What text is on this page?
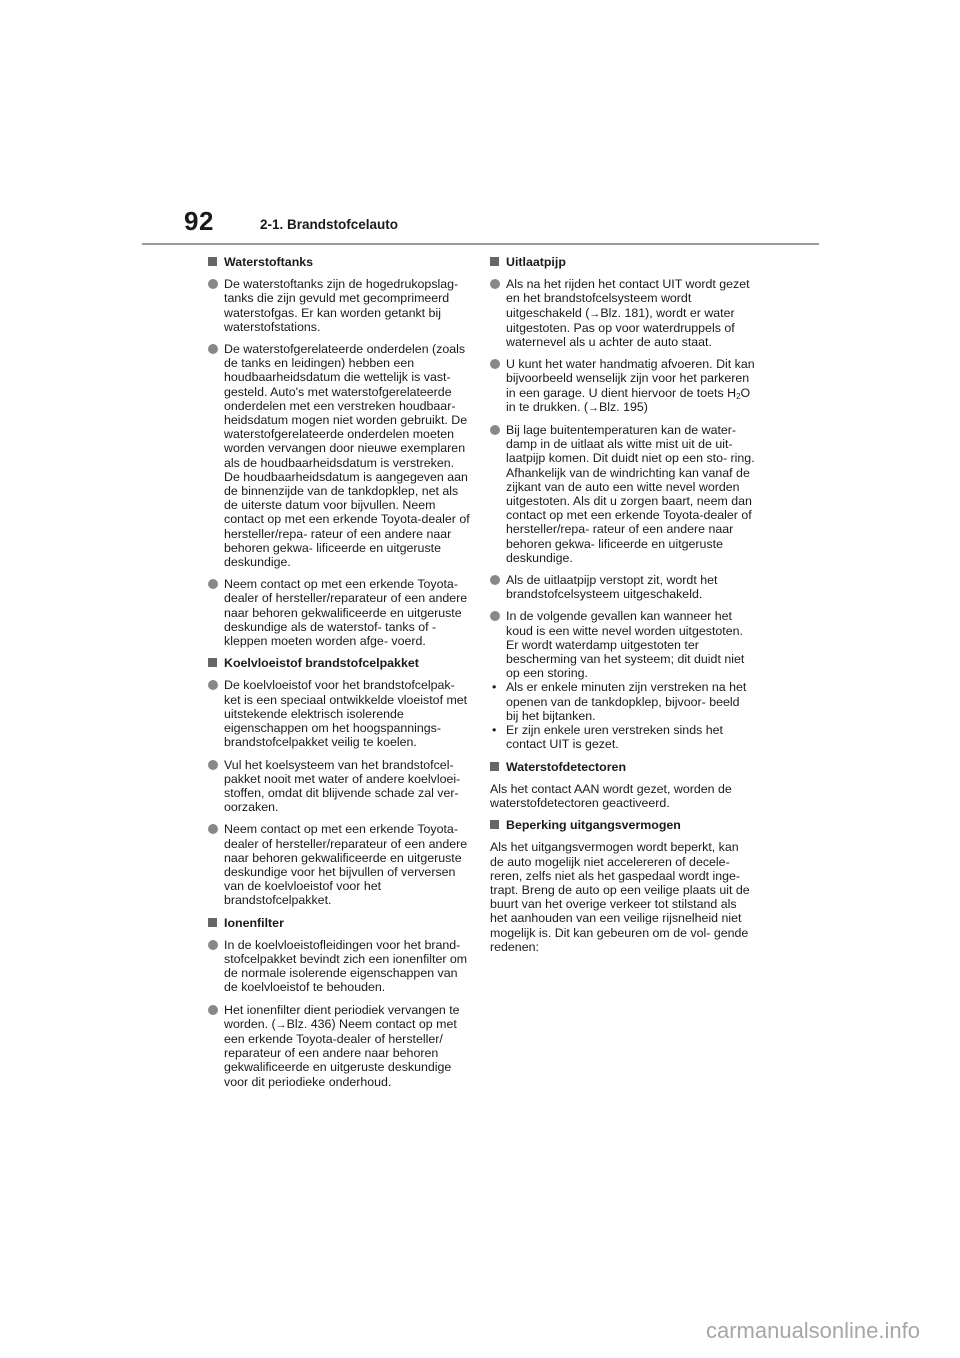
92	2-1. Brandstofcelauto
Waterstoftanks
De waterstoftanks zijn de hogedrukopslag- tanks die zijn gevuld met gecomprimeerd waterstofgas. Er kan worden getankt bij waterstofstations.
De waterstofgerelateerde onderdelen (zoals de tanks en leidingen) hebben een houdbaarheidsdatum die wettelijk is vast- gesteld. Auto's met waterstofgerelateerde onderdelen met een verstreken houdbaar- heidsdatum mogen niet worden gebruikt. De waterstofgerelateerde onderdelen moeten worden vervangen door nieuwe exemplaren als de houdbaarheidsdatum is verstreken. De houdbaarheidsdatum is aangegeven aan de binnenzijde van de tankdopklep, net als de uiterste datum voor bijvullen. Neem contact op met een erkende Toyota-dealer of hersteller/repa- rateur of een andere naar behoren gekwa- lificeerde en uitgeruste deskundige.
Neem contact op met een erkende Toyota- dealer of hersteller/reparateur of een andere naar behoren gekwalificeerde en uitgeruste deskundige als de waterstof- tanks of -kleppen moeten worden afge- voerd.
Koelvloeistof brandstofcelpakket
De koelvloeistof voor het brandstofcelpak- ket is een speciaal ontwikkelde vloeistof met uitstekende elektrisch isolerende eigenschappen om het hoogspannings- brandstofcelpakket veilig te koelen.
Vul het koelsysteem van het brandstofcel- pakket nooit met water of andere koelvloei- stoffen, omdat dit blijvende schade zal ver- oorzaken.
Neem contact op met een erkende Toyota- dealer of hersteller/reparateur of een andere naar behoren gekwalificeerde en uitgeruste deskundige voor het bijvullen of verversen van de koelvloeistof voor het brandstofcelpakket.
Ionenfilter
In de koelvloeistofleidingen voor het brand- stofcelpakket bevindt zich een ionenfilter om de normale isolerende eigenschappen van de koelvloeistof te behouden.
Het ionenfilter dient periodiek vervangen te worden. (→Blz. 436) Neem contact op met een erkende Toyota-dealer of hersteller/ reparateur of een andere naar behoren gekwalificeerde en uitgeruste deskundige voor dit periodieke onderhoud.
Uitlaatpijp
Als na het rijden het contact UIT wordt gezet en het brandstofcelsysteem wordt uitgeschakeld (→Blz. 181), wordt er water uitgestoten. Pas op voor waterdruppels of waternevel als u achter de auto staat.
U kunt het water handmatig afvoeren. Dit kan bijvoorbeeld wenselijk zijn voor het parkeren in een garage. U dient hiervoor de toets $H_2O$ in te drukken. (→Blz. 195)
Bij lage buitentemperaturen kan de water- damp in de uitlaat als witte mist uit de uit- laatpijp komen. Dit duidt niet op een sto- ring. Afhankelijk van de windrichting kan vanaf de zijkant van de auto een witte nevel worden uitgestoten. Als dit u zorgen baart, neem dan contact op met een erkende Toyota-dealer of hersteller/repa- rateur of een andere naar behoren gekwa- lificeerde en uitgeruste deskundige.
Als de uitlaatpijp verstopt zit, wordt het brandstofcelsysteem uitgeschakeld.
In de volgende gevallen kan wanneer het koud is een witte nevel worden uitgestoten. Er wordt waterdamp uitgestoten ter bescherming van het systeem; dit duidt niet op een storing.
• Als er enkele minuten zijn verstreken na het openen van de tankdopklep, bijvoor- beeld bij het bijtanken.
• Er zijn enkele uren verstreken sinds het contact UIT is gezet.
Waterstofdetectoren
Als het contact AAN wordt gezet, worden de waterstofdetectoren geactiveerd.
Beperking uitgangsvermogen
Als het uitgangsvermogen wordt beperkt, kan de auto mogelijk niet accelereren of decele- reren, zelfs niet als het gaspedaal wordt inge- trapt. Breng de auto op een veilige plaats uit de buurt van het overige verkeer tot stilstand als het aanhouden van een veilige rijsnelheid niet mogelijk is. Dit kan gebeuren om de vol- gende redenen:
carmanualsonline.info
